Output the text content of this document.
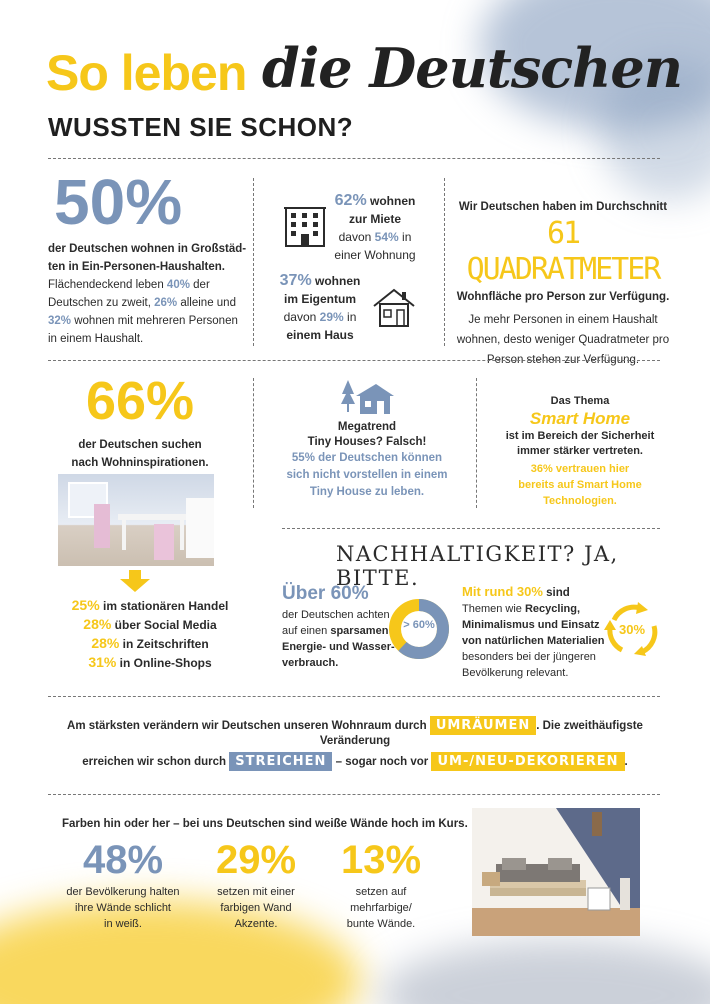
So leben die Deutschen
WUSSTEN SIE SCHON?
50%
der Deutschen wohnen in Großstäd-
ten in Ein-Personen-Haushalten.
Flächendeckend leben 40% der
Deutschen zu zweit, 26% alleine und
32% wohnen mit mehreren Personen
in einem Haushalt.
62% wohnen
zur Miete
davon 54% in
einer Wohnung
37% wohnen
im Eigentum
davon 29% in
einem Haus
Wir Deutschen haben im Durchschnitt
61 QUADRATMETER
Wohnfläche pro Person zur Verfügung.
Je mehr Personen in einem Haushalt
wohnen, desto weniger Quadratmeter pro
Person stehen zur Verfügung.
66%
der Deutschen suchen
nach Wohninspirationen.
25% im stationären Handel
28% über Social Media
28% in Zeitschriften
31% in Online-Shops
Megatrend
Tiny Houses? Falsch!
55% der Deutschen können
sich nicht vorstellen in einem
Tiny House zu leben.
Das Thema
Smart Home
ist im Bereich der Sicherheit
immer stärker vertreten.
36% vertrauen hier
bereits auf Smart Home
Technologien.
NACHHALTIGKEIT? JA, BITTE.
Über 60%
der Deutschen achten
auf einen sparsamen
Energie- und Wasser-
verbrauch.
> 60%
Mit rund 30% sind
Themen wie Recycling,
Minimalismus und Einsatz
von natürlichen Materialien
besonders bei der jüngeren
Bevölkerung relevant.
30%
Am stärksten verändern wir Deutschen unseren Wohnraum durch UMRÄUMEN . Die zweithäufigste Veränderung
erreichen wir schon durch STREICHEN – sogar noch vor UM-/NEU-DEKORIEREN .
Farben hin oder her – bei uns Deutschen sind weiße Wände hoch im Kurs.
48%
der Bevölkerung halten
ihre Wände schlicht
in weiß.
29%
setzen mit einer
farbigen Wand
Akzente.
13%
setzen auf
mehrfarbige/
bunte Wände.
